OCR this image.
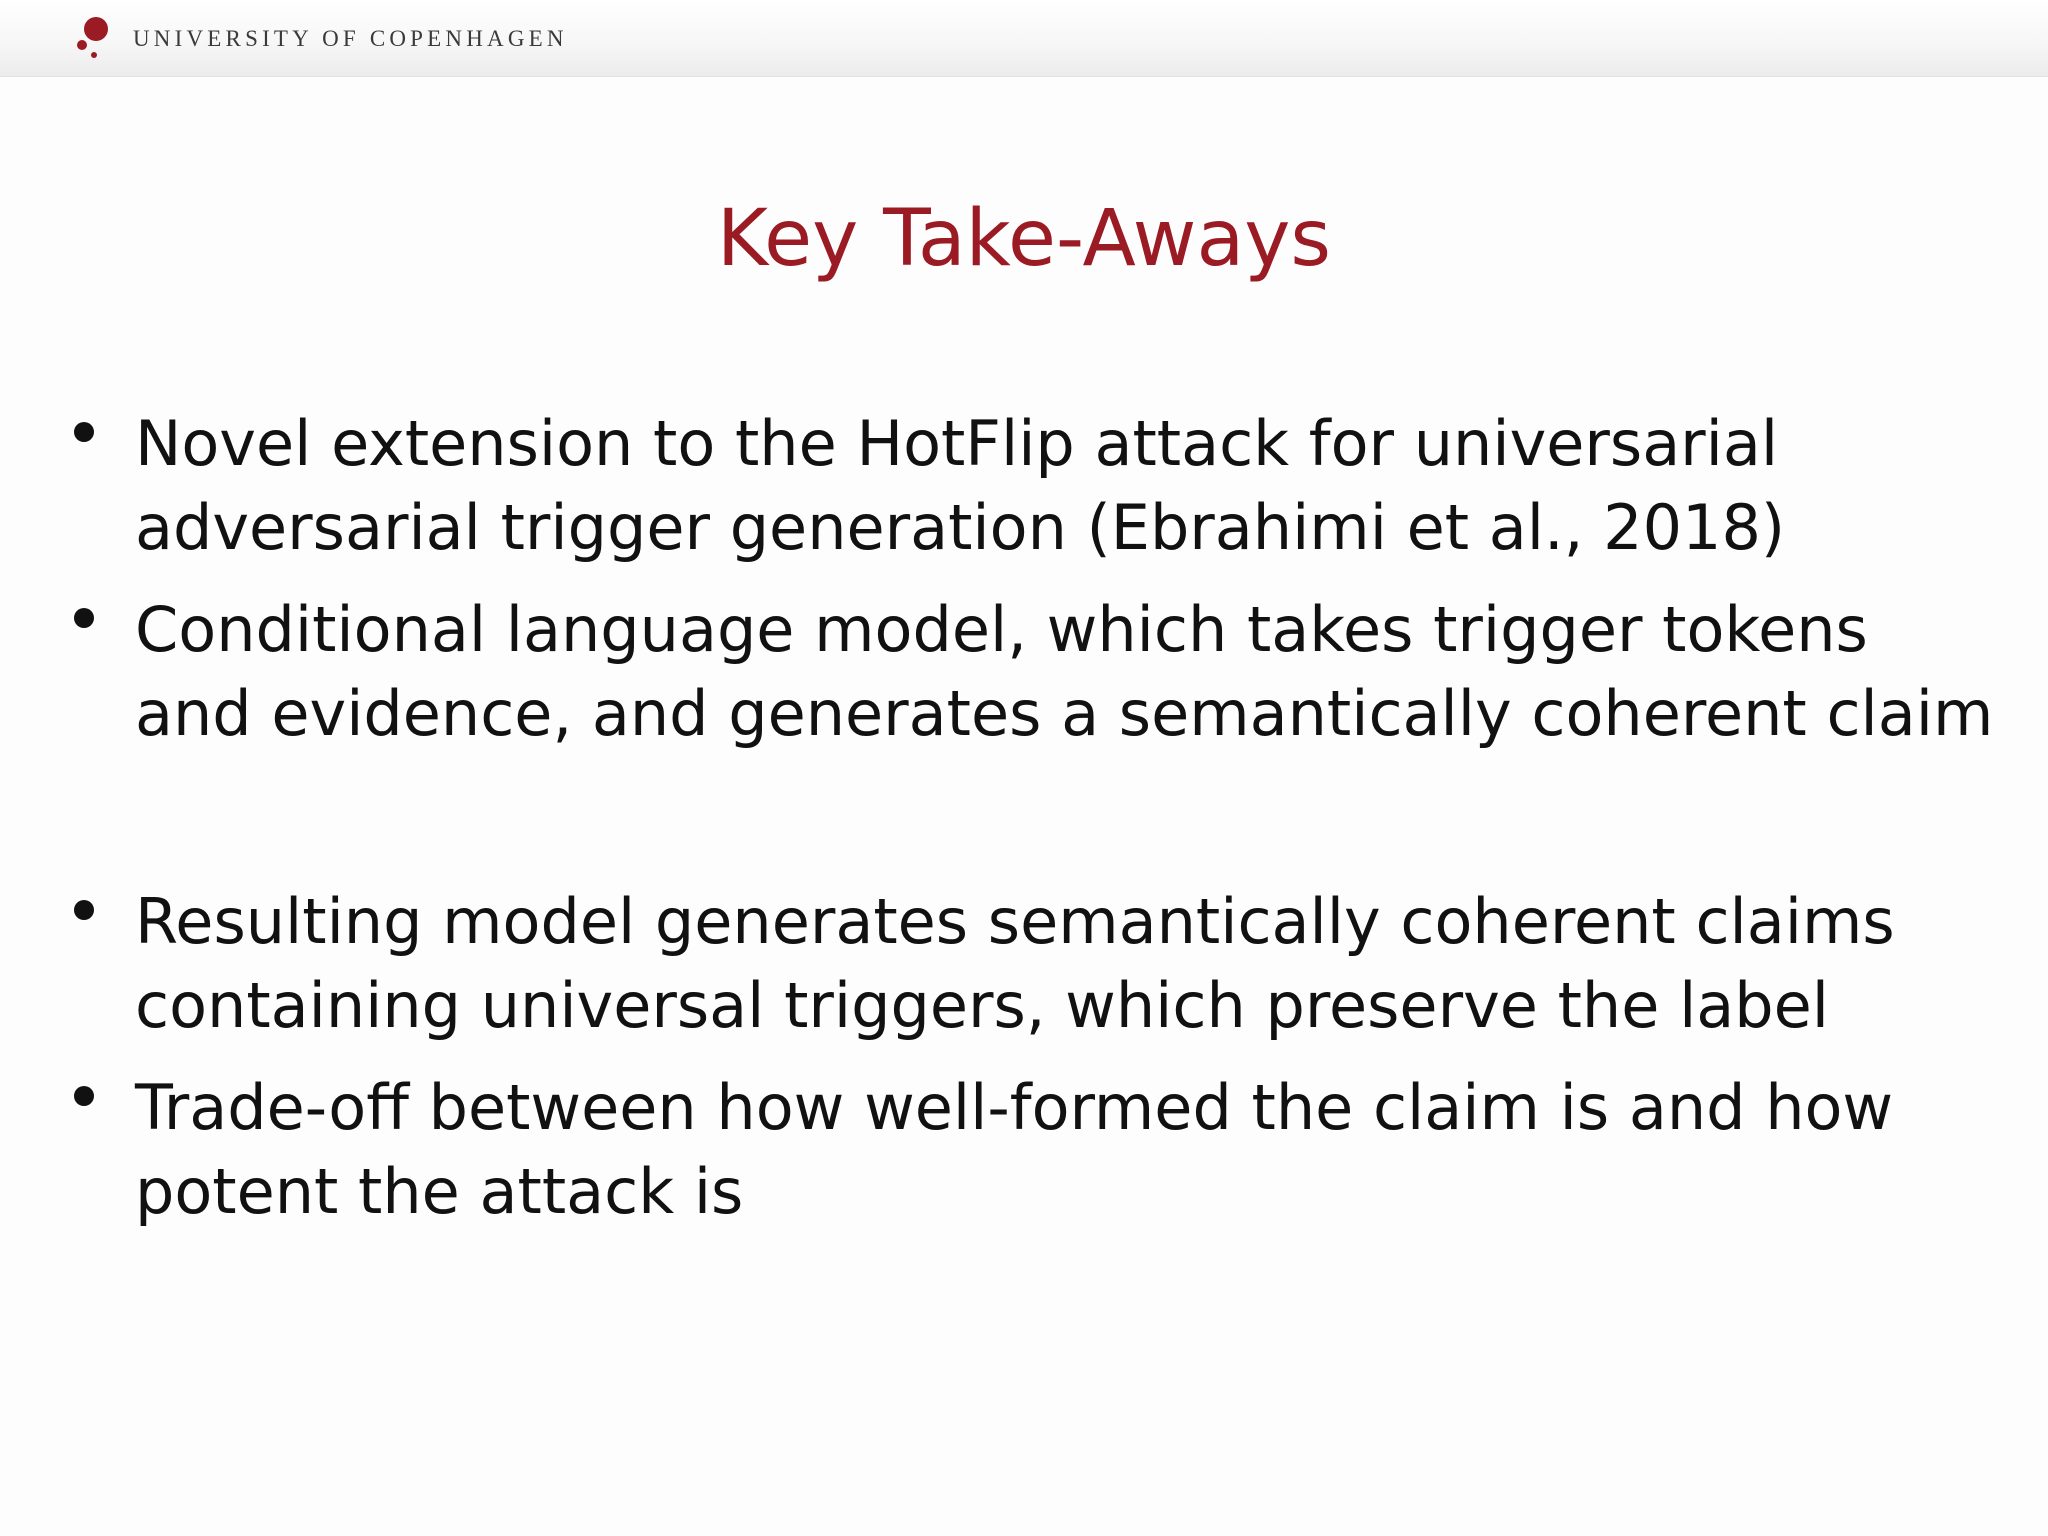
UNIVERSITY OF COPENHAGEN
Key Take-Aways
Novel extension to the HotFlip attack for universarial
adversarial trigger generation (Ebrahimi et al., 2018)
Conditional language model, which takes trigger tokens
and evidence, and generates a semantically coherent claim
Resulting model generates semantically coherent claims
containing universal triggers, which preserve the label
Trade-off between how well-formed the claim is and how
potent the attack is
